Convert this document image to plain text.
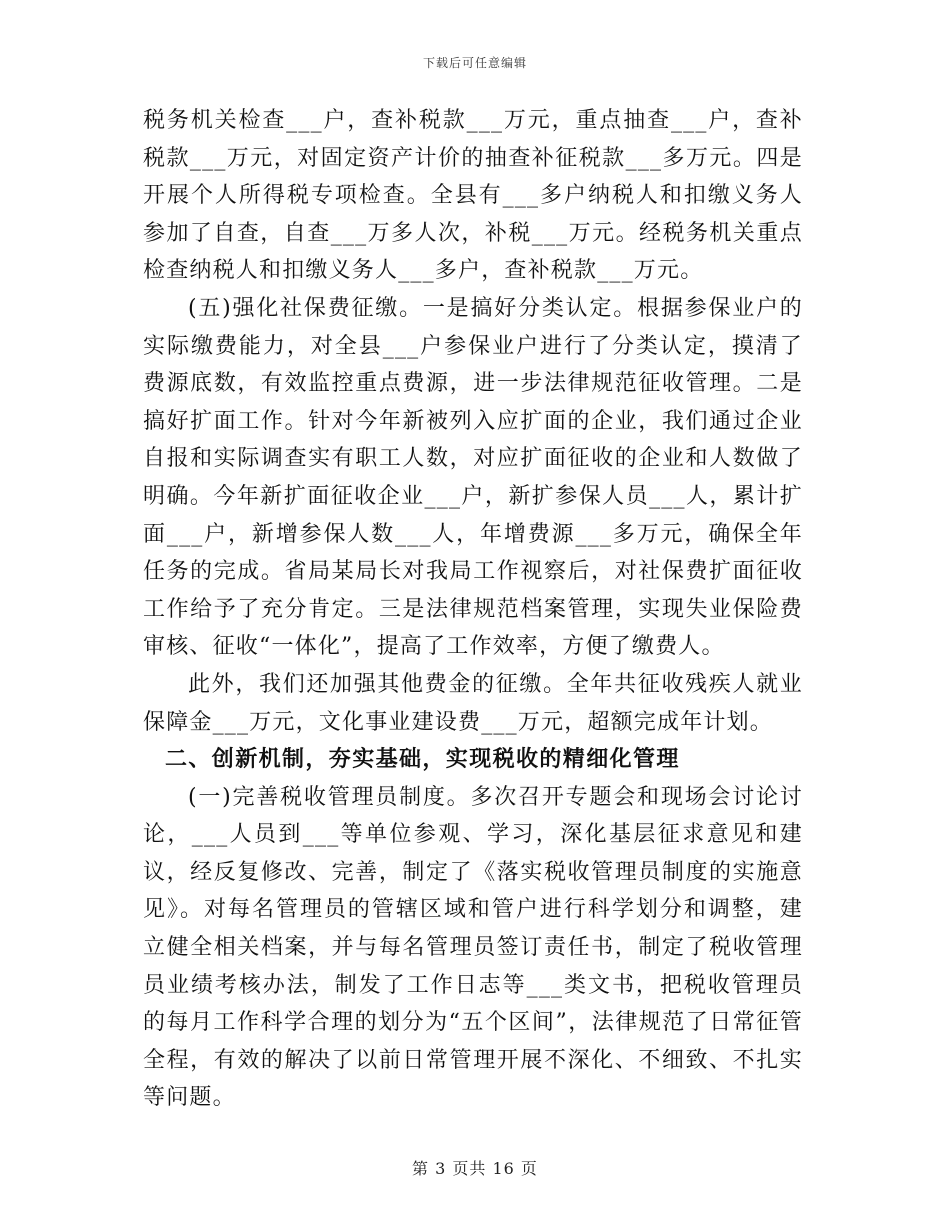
下载后可任意编辑

税务机关检查___户，查补税款___万元，重点抽查___户，查补税款___万元，对固定资产计价的抽查补征税款___多万元。四是开展个人所得税专项检查。全县有___多户纳税人和扣缴义务人参加了自查，自查___万多人次，补税___万元。经税务机关重点检查纳税人和扣缴义务人___多户，查补税款___万元。

(五)强化社保费征缴。一是搞好分类认定。根据参保业户的实际缴费能力，对全县___户参保业户进行了分类认定，摸清了费源底数，有效监控重点费源，进一步法律规范征收管理。二是搞好扩面工作。针对今年新被列入应扩面的企业，我们通过企业自报和实际调查实有职工人数，对应扩面征收的企业和人数做了明确。今年新扩面征收企业___户，新扩参保人员___人，累计扩面___户，新增参保人数___人，年增费源___多万元，确保全年任务的完成。省局某局长对我局工作视察后，对社保费扩面征收工作给予了充分肯定。三是法律规范档案管理，实现失业保险费审核、征收“一体化”，提高了工作效率，方便了缴费人。

此外，我们还加强其他费金的征缴。全年共征收残疾人就业保障金___万元，文化事业建设费___万元，超额完成年计划。

二、创新机制，夯实基础，实现税收的精细化管理

(一)完善税收管理员制度。多次召开专题会和现场会讨论讨论，___人员到___等单位参观、学习，深化基层征求意见和建议，经反复修改、完善，制定了《落实税收管理员制度的实施意见》。对每名管理员的管辖区域和管户进行科学划分和调整，建立健全相关档案，并与每名管理员签订责任书，制定了税收管理员业绩考核办法，制发了工作日志等___类文书，把税收管理员的每月工作科学合理的划分为“五个区间”，法律规范了日常征管全程，有效的解决了以前日常管理开展不深化、不细致、不扎实等问题。

第 3 页共 16 页
